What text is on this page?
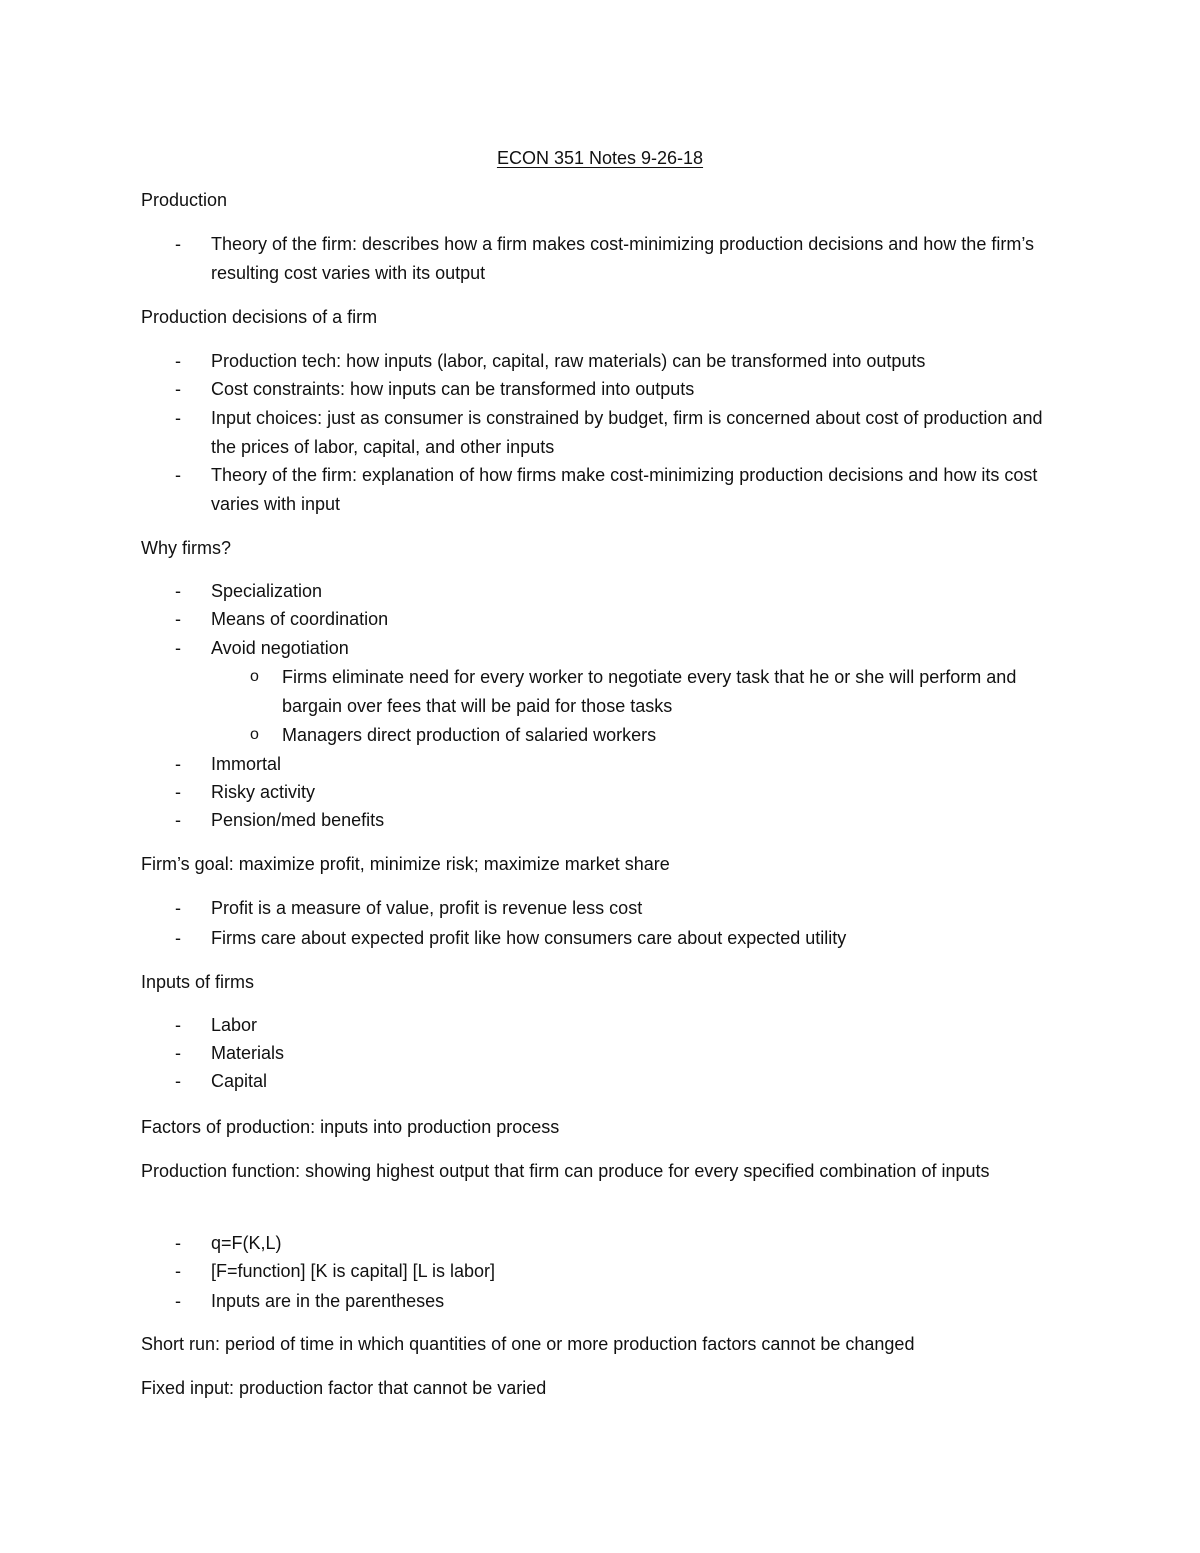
ECON 351 Notes 9-26-18
Production
-	Theory of the firm: describes how a firm makes cost-minimizing production decisions and how the firm’s resulting cost varies with its output
Production decisions of a firm
-	Production tech: how inputs (labor, capital, raw materials) can be transformed into outputs
-	Cost constraints: how inputs can be transformed into outputs
-	Input choices: just as consumer is constrained by budget, firm is concerned about cost of production and the prices of labor, capital, and other inputs
-	Theory of the firm: explanation of how firms make cost-minimizing production decisions and how its cost varies with input
Why firms?
-	Specialization
-	Means of coordination
-	Avoid negotiation
o	Firms eliminate need for every worker to negotiate every task that he or she will perform and bargain over fees that will be paid for those tasks
o	Managers direct production of salaried workers
-	Immortal
-	Risky activity
-	Pension/med benefits
Firm’s goal: maximize profit, minimize risk; maximize market share
-	Profit is a measure of value, profit is revenue less cost
-	Firms care about expected profit like how consumers care about expected utility
Inputs of firms
-	Labor
-	Materials
-	Capital
Factors of production: inputs into production process
Production function: showing highest output that firm can produce for every specified combination of inputs
-	q=F(K,L)
-	[F=function] [K is capital] [L is labor]
-	Inputs are in the parentheses
Short run: period of time in which quantities of one or more production factors cannot be changed
Fixed input: production factor that cannot be varied
